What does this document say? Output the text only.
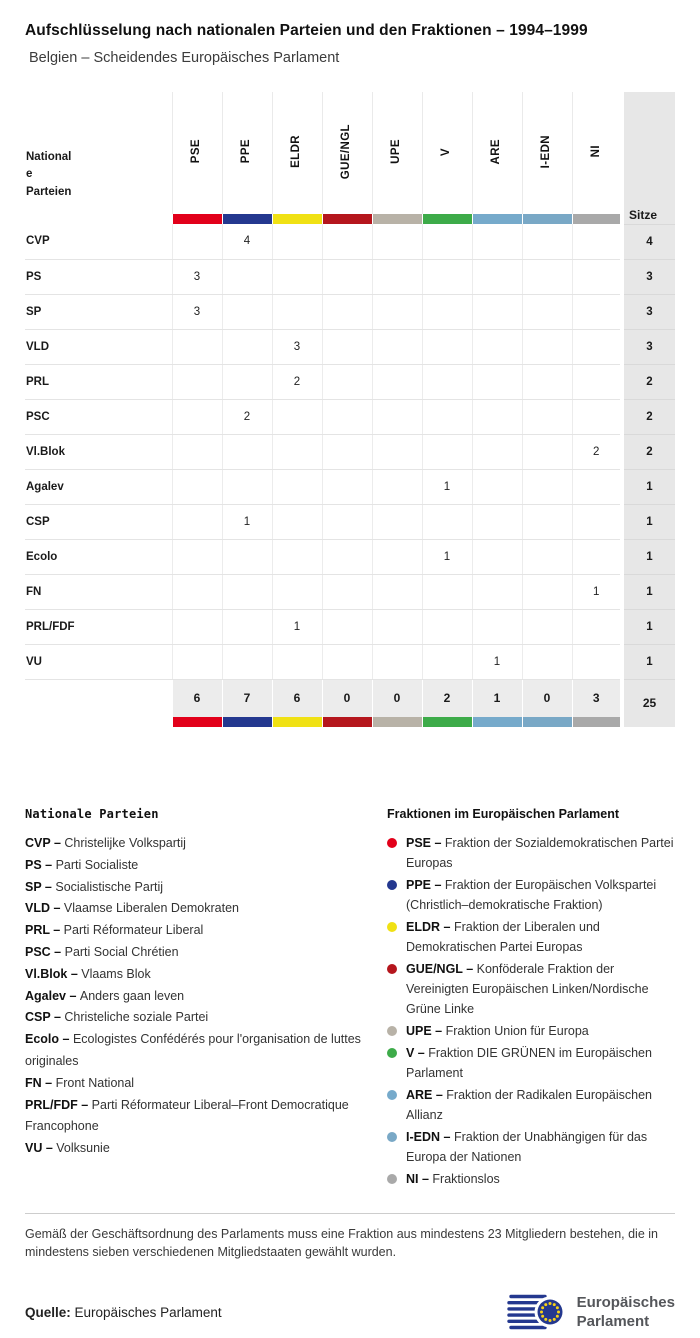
Aufschlüsselung nach nationalen Parteien und den Fraktionen – 1994–1999
Belgien – Scheidendes Europäisches Parlament
Nationale Parteien	PSE	PPE	ELDR	GUE/NGL	UPE	V	ARE	I-EDN	NI	Sitze

CVP		4								4
PS	3									3
SP	3									3
VLD			3							3
PRL			2							2
PSC		2								2
Vl.Blok									2	2
Agalev						1				1
CSP		1								1
Ecolo						1				1
FN									1	1
PRL/FDF			1							1
VU							1			1
	6	7	6	0	0	2	1	0	3	25

Nationale Parteien
CVP – Christelijke Volkspartij
PS – Parti Socialiste
SP – Socialistische Partij
VLD – Vlaamse Liberalen Demokraten
PRL – Parti Réformateur Liberal
PSC – Parti Social Chrétien
Vl.Blok – Vlaams Blok
Agalev – Anders gaan leven
CSP – Christeliche soziale Partei
Ecolo – Ecologistes Confédérés pour l'organisation de luttes originales
FN – Front National
PRL/FDF – Parti Réformateur Liberal–Front Democratique Francophone
VU – Volksunie
Fraktionen im Europäischen Parlament
PSE – Fraktion der Sozialdemokratischen Partei Europas
PPE – Fraktion der Europäischen Volkspartei (Christlich–demokratische Fraktion)
ELDR – Fraktion der Liberalen und Demokratischen Partei Europas
GUE/NGL – Konföderale Fraktion der Vereinigten Europäischen Linken/Nordische Grüne Linke
UPE – Fraktion Union für Europa
V – Fraktion DIE GRÜNEN im Europäischen Parlament
ARE – Fraktion der Radikalen Europäischen Allianz
I-EDN – Fraktion der Unabhängigen für das Europa der Nationen
NI – Fraktionslos

Gemäß der Geschäftsordnung des Parlaments muss eine Fraktion aus mindestens 23 Mitgliedern bestehen, die in mindestens sieben verschiedenen Mitgliedstaaten gewählt wurden.

Quelle: Europäisches Parlament

Europäisches
Parlament
